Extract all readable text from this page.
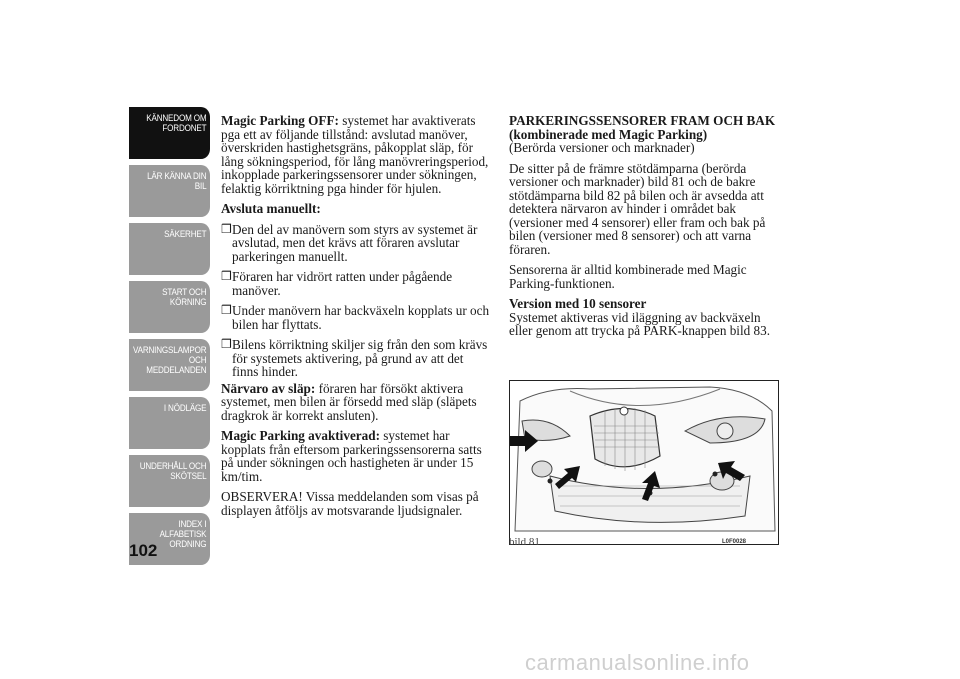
KÄNNEDOM OM
FORDONET
LÄR KÄNNA DIN
BIL
SÄKERHET
START OCH
KÖRNING
VARNINGSLAMPOR
OCH
MEDDELANDEN
I NÖDLÄGE
UNDERHÅLL OCH
SKÖTSEL
INDEX I
ALFABETISK
ORDNING
102

Magic Parking OFF: systemet har avaktiverats pga ett av följande tillstånd: avslutad manöver, överskriden hastighetsgräns, påkopplat släp, för lång sökningsperiod, för lång manövreringsperiod, inkopplade parkeringssensorer under sökningen, felaktig körriktning pga hinder för hjulen.

Avsluta manuellt:
❒ Den del av manövern som styrs av systemet är avslutad, men det krävs att föraren avslutar parkeringen manuellt.
❒ Föraren har vidrört ratten under pågående manöver.
❒ Under manövern har backväxeln kopplats ur och bilen har flyttats.
❒ Bilens körriktning skiljer sig från den som krävs för systemets aktivering, på grund av att det finns hinder.

Närvaro av släp: föraren har försökt aktivera systemet, men bilen är försedd med släp (släpets dragkrok är korrekt ansluten).

Magic Parking avaktiverad: systemet har kopplats från eftersom parkeringssensorerna satts på under sökningen och hastigheten är under 15 km/tim.

OBSERVERA! Vissa meddelanden som visas på displayen åtföljs av motsvarande ljudsignaler.

PARKERINGSSENSORER FRAM OCH BAK
(kombinerade med Magic Parking)

(Berörda versioner och marknader)

De sitter på de främre stötdämparna (berörda versioner och marknader) bild 81 och de bakre stötdämparna bild 82 på bilen och är avsedda att detektera närvaron av hinder i området bak (versioner med 4 sensorer) eller fram och bak på bilen (versioner med 8 sensorer) och att varna föraren.

Sensorerna är alltid kombinerade med Magic Parking-funktionen.

Version med 10 sensorer

Systemet aktiveras vid iläggning av backväxeln eller genom att trycka på PARK-knappen bild 83.

bild 81	L0F0028
carmanualsonline.info
